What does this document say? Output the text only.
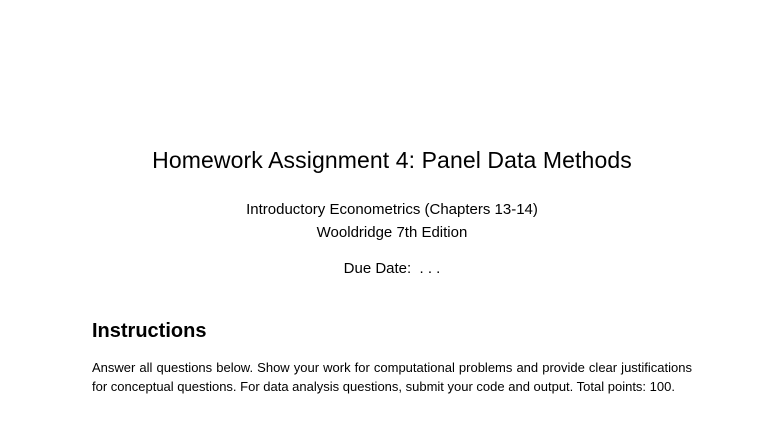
Homework Assignment 4: Panel Data Methods
Introductory Econometrics (Chapters 13-14)
Wooldridge 7th Edition
Due Date:  . . .
Instructions
Answer all questions below. Show your work for computational problems and provide clear justifications for conceptual questions. For data analysis questions, submit your code and output. Total points: 100.
